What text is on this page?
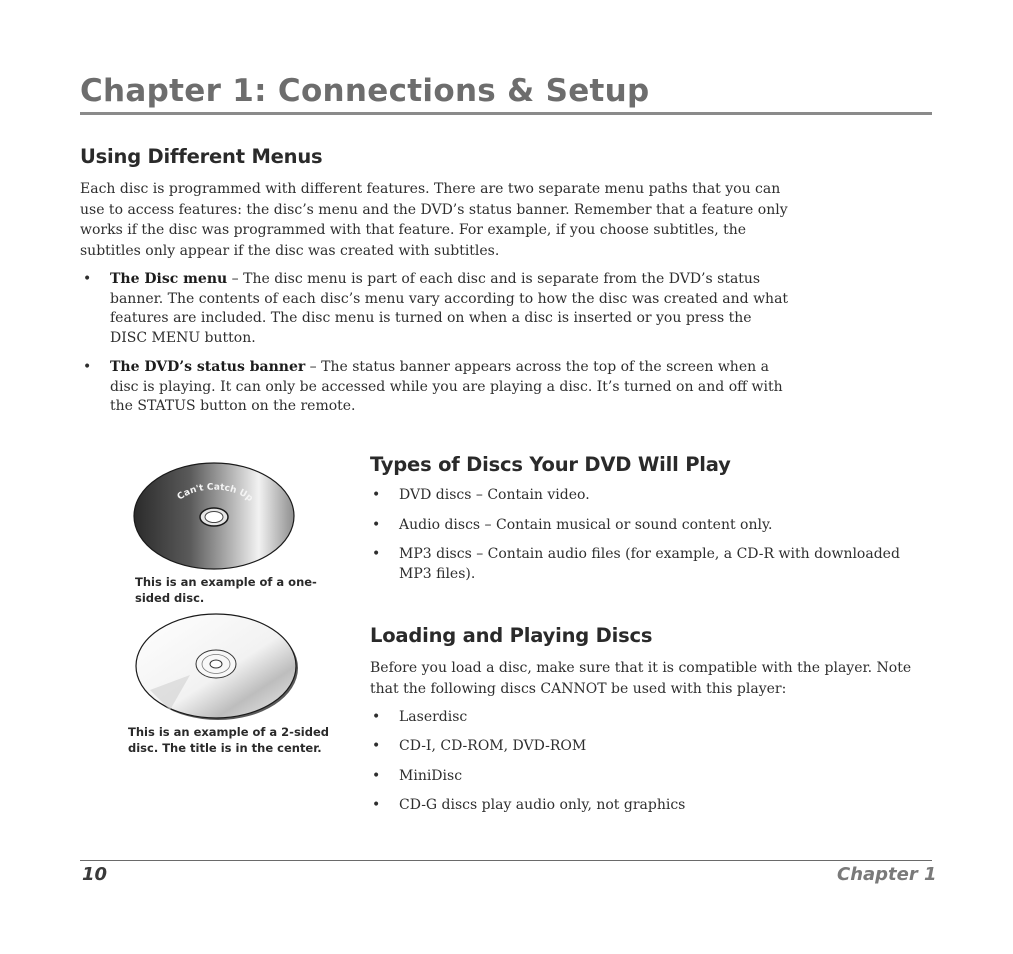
Chapter 1: Connections & Setup
Using Different Menus

Each disc is programmed with different features. There are two separate menu paths that you can
use to access features: the disc’s menu and the DVD’s status banner. Remember that a feature only
works if the disc was programmed with that feature. For example, if you choose subtitles, the
subtitles only appear if the disc was created with subtitles.

• The Disc menu – The disc menu is part of each disc and is separate from the DVD’s status
banner. The contents of each disc’s menu vary according to how the disc was created and what
features are included. The disc menu is turned on when a disc is inserted or you press the
DISC MENU button.

• The DVD’s status banner – The status banner appears across the top of the screen when a
disc is playing. It can only be accessed while you are playing a disc. It’s turned on and off with
the STATUS button on the remote.

Can't Catch Up

This is an example of a one-
sided disc.

This is an example of a 2-sided
disc. The title is in the center.

Types of Discs Your DVD Will Play

• DVD discs – Contain video.

• Audio discs – Contain musical or sound content only.

• MP3 discs – Contain audio files (for example, a CD-R with downloaded
MP3 files).

Loading and Playing Discs

Before you load a disc, make sure that it is compatible with the player. Note
that the following discs CANNOT be used with this player:

• Laserdisc

• CD-I, CD-ROM, DVD-ROM

• MiniDisc

• CD-G discs play audio only, not graphics

10	Chapter 1
